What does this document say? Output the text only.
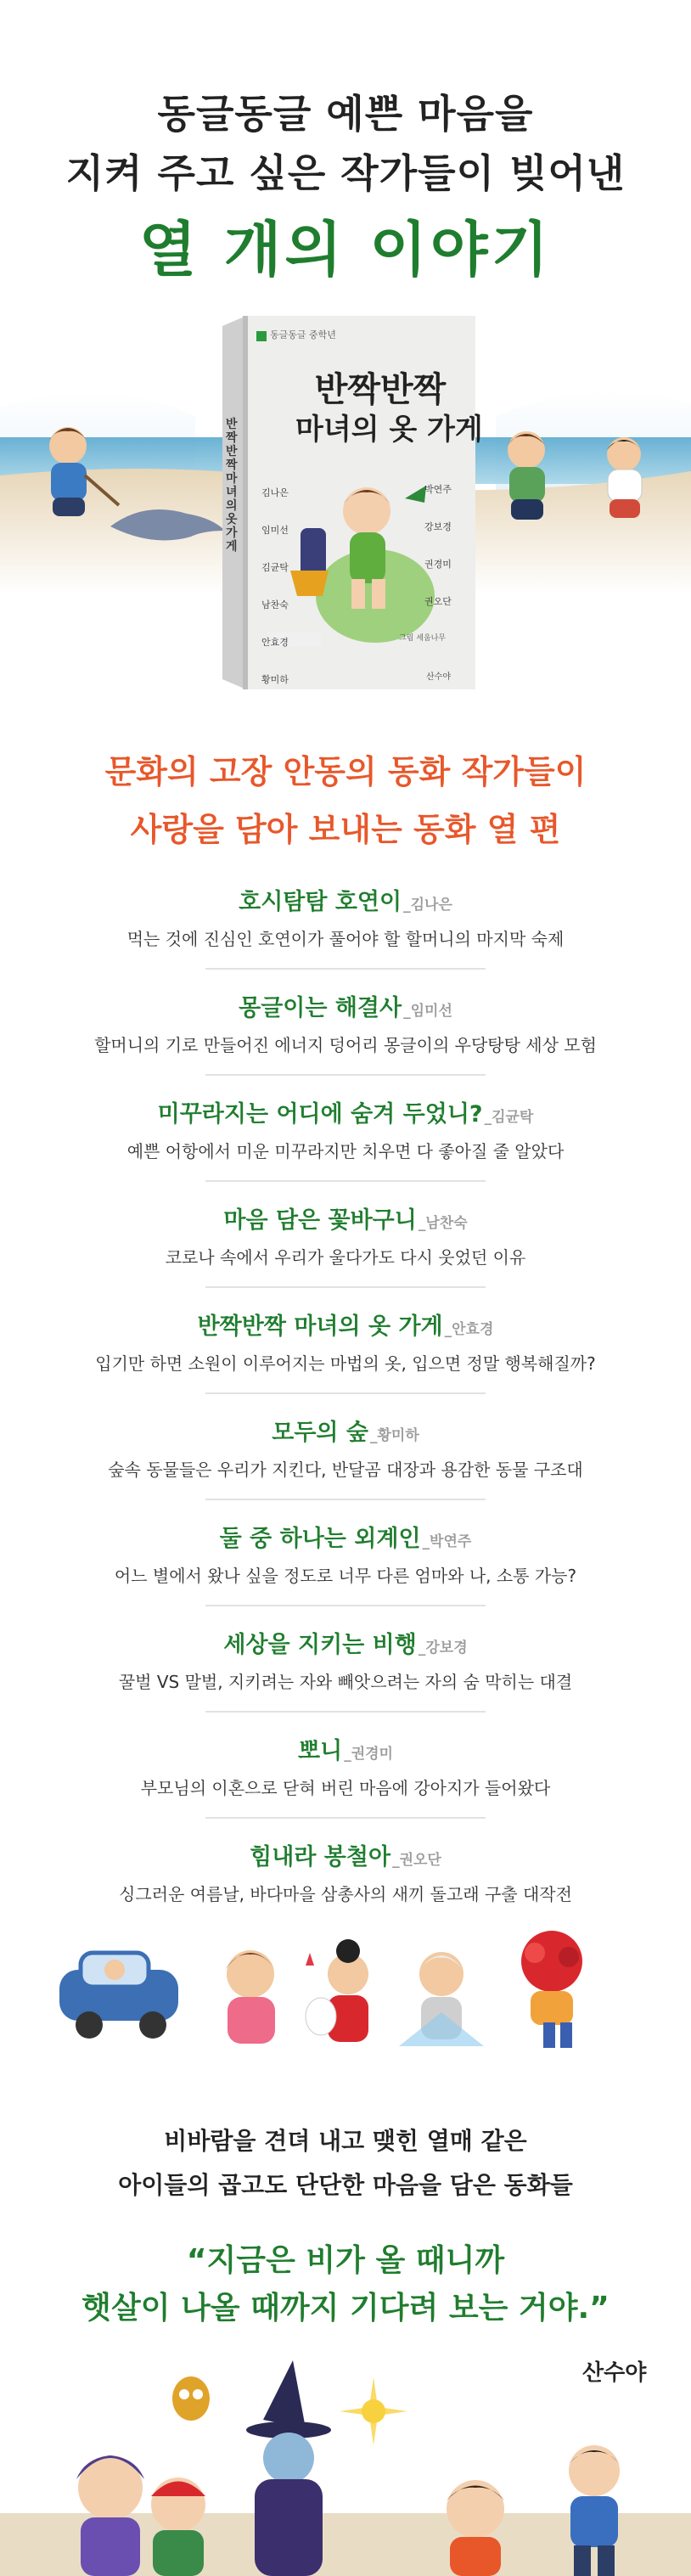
동글동글 예쁜 마음을
지켜 주고 싶은 작가들이 빚어낸
열 개의 이야기
동글동글 중학년
반짝반짝
마녀의 옷 가게
반짝반짝 마녀의 옷 가게
김나은
임미선
김균탁
남찬숙
안효경
황미하
박연주
강보경
권경미
권오단
그림 세움나무
산수야
문화의 고장 안동의 동화 작가들이
사랑을 담아 보내는 동화 열 편
호시탐탐 호연이 _김나은
먹는 것에 진심인 호연이가 풀어야 할 할머니의 마지막 숙제
몽글이는 해결사 _임미선
할머니의 기로 만들어진 에너지 덩어리 몽글이의 우당탕탕 세상 모험
미꾸라지는 어디에 숨겨 두었니? _김균탁
예쁜 어항에서 미운 미꾸라지만 치우면 다 좋아질 줄 알았다
마음 담은 꽃바구니 _남찬숙
코로나 속에서 우리가 울다가도 다시 웃었던 이유
반짝반짝 마녀의 옷 가게 _안효경
입기만 하면 소원이 이루어지는 마법의 옷, 입으면 정말 행복해질까?
모두의 숲 _황미하
숲속 동물들은 우리가 지킨다, 반달곰 대장과 용감한 동물 구조대
둘 중 하나는 외계인 _박연주
어느 별에서 왔나 싶을 정도로 너무 다른 엄마와 나, 소통 가능?
세상을 지키는 비행 _강보경
꿀벌 VS 말벌, 지키려는 자와 빼앗으려는 자의 숨 막히는 대결
뽀니 _권경미
부모님의 이혼으로 닫혀 버린 마음에 강아지가 들어왔다
힘내라 봉철아 _권오단
싱그러운 여름날, 바다마을 삼총사의 새끼 돌고래 구출 대작전
비바람을 견뎌 내고 맺힌 열매 같은
아이들의 곱고도 단단한 마음을 담은 동화들
“지금은 비가 올 때니까
햇살이 나올 때까지 기다려 보는 거야.”
산수야
